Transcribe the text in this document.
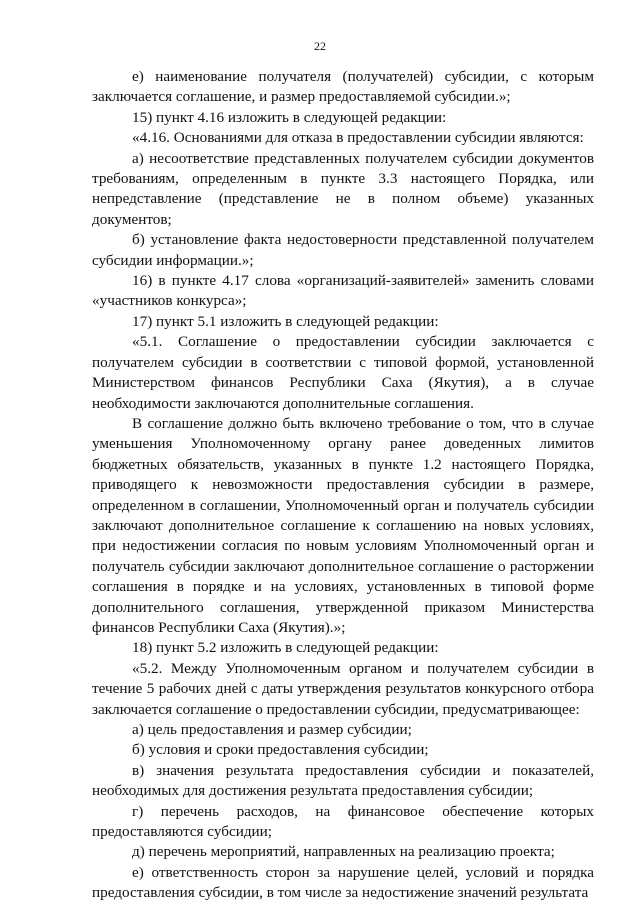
22

е) наименование получателя (получателей) субсидии, с которым заключается соглашение, и размер предоставляемой субсидии.»;

15) пункт 4.16 изложить в следующей редакции:

«4.16. Основаниями для отказа в предоставлении субсидии являются:

а) несоответствие представленных получателем субсидии документов требованиям, определенным в пункте 3.3 настоящего Порядка, или непредставление (представление не в полном объеме) указанных документов;

б) установление факта недостоверности представленной получателем субсидии информации.»;

16) в пункте 4.17 слова «организаций-заявителей» заменить словами «участников конкурса»;

17) пункт 5.1 изложить в следующей редакции:

«5.1. Соглашение о предоставлении субсидии заключается с получателем субсидии в соответствии с типовой формой, установленной Министерством финансов Республики Саха (Якутия), а в случае необходимости заключаются дополнительные соглашения.

В соглашение должно быть включено требование о том, что в случае уменьшения Уполномоченному органу ранее доведенных лимитов бюджетных обязательств, указанных в пункте 1.2 настоящего Порядка, приводящего к невозможности предоставления субсидии в размере, определенном в соглашении, Уполномоченный орган и получатель субсидии заключают дополнительное соглашение к соглашению на новых условиях, при недостижении согласия по новым условиям Уполномоченный орган и получатель субсидии заключают дополнительное соглашение о расторжении соглашения в порядке и на условиях, установленных в типовой форме дополнительного соглашения, утвержденной приказом Министерства финансов Республики Саха (Якутия).»;

18) пункт 5.2 изложить в следующей редакции:

«5.2. Между Уполномоченным органом и получателем субсидии в течение 5 рабочих дней с даты утверждения результатов конкурсного отбора заключается соглашение о предоставлении субсидии, предусматривающее:

а) цель предоставления и размер субсидии;

б) условия и сроки предоставления субсидии;

в) значения результата предоставления субсидии и показателей, необходимых для достижения результата предоставления субсидии;

г) перечень расходов, на финансовое обеспечение которых предоставляются субсидии;

д) перечень мероприятий, направленных на реализацию проекта;

е) ответственность сторон за нарушение целей, условий и порядка предоставления субсидии, в том числе за недостижение значений результата
